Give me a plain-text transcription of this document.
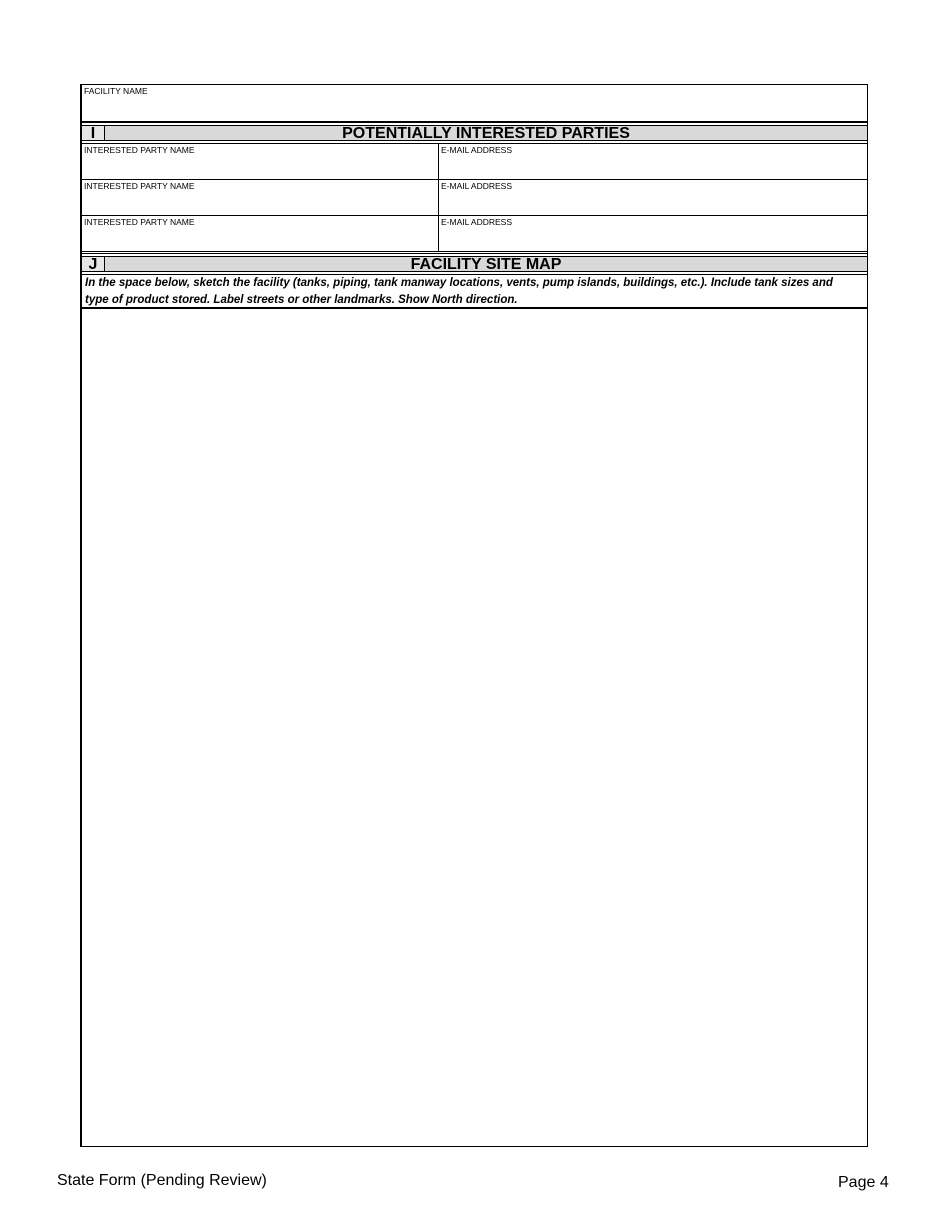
FACILITY NAME
I	POTENTIALLY INTERESTED PARTIES
INTERESTED PARTY NAME	E-MAIL ADDRESS
INTERESTED PARTY NAME	E-MAIL ADDRESS
INTERESTED PARTY NAME	E-MAIL ADDRESS
J	FACILITY SITE MAP
In the space below, sketch the facility (tanks, piping, tank manway locations, vents, pump islands, buildings, etc.). Include tank sizes and type of product stored. Label streets or other landmarks. Show North direction.
State Form (Pending Review)	Page 4
